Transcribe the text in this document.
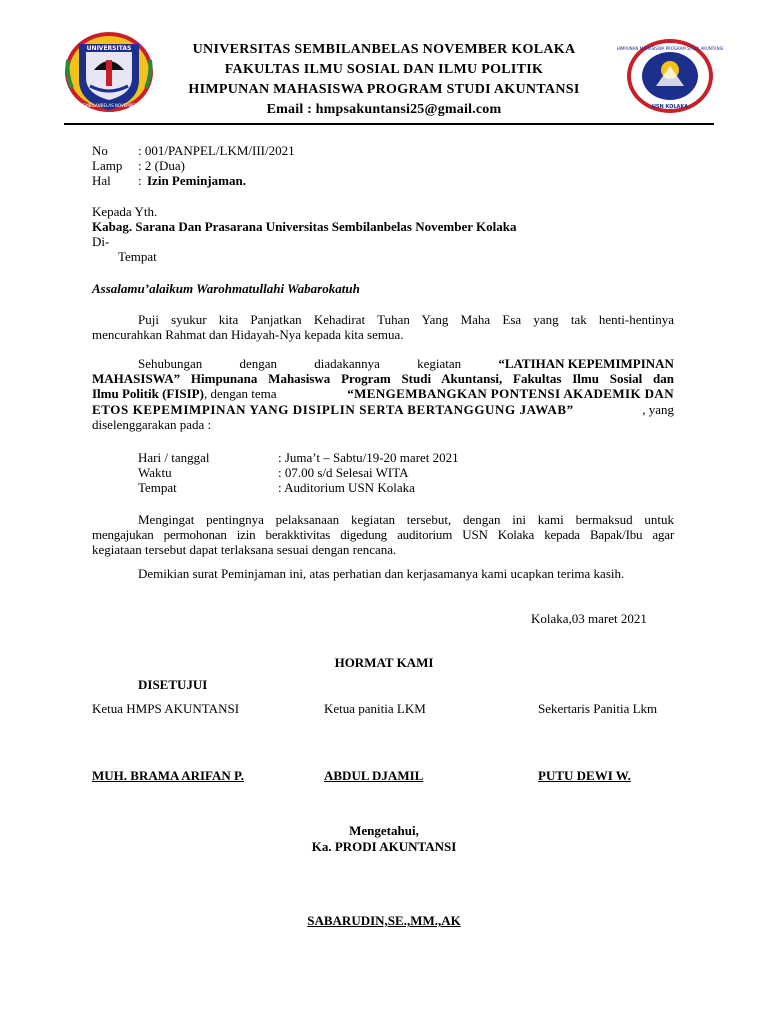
UNIVERSITAS
SEMBILANBELAS NOVEMBER
HIMPUNAN MAHASISWA PROGRAM STUDI AKUNTANSI
USN KOLAKA
UNIVERSITAS SEMBILANBELAS NOVEMBER KOLAKA
FAKULTAS ILMU SOSIAL DAN ILMU POLITIK
HIMPUNAN MAHASISWA PROGRAM STUDI AKUNTANSI
Email : hmpsakuntansi25@gmail.com
No : 001/PANPEL/LKM/III/2021
Lamp : 2 (Dua)
Hal : Izin Peminjaman.
Kepada Yth.
Kabag. Sarana Dan Prasarana Universitas Sembilanbelas November Kolaka
Di-
Tempat
Assalamu’alaikum Warohmatullahi Wabarokatuh
Puji syukur kita Panjatkan Kehadirat Tuhan Yang Maha Esa yang tak henti-hentinya
mencurahkan Rahmat dan Hidayah-Nya kepada kita semua.
Sehubungan	dengan	diadakannya	kegiatan	“LATIHAN KEPEMIMPINAN
MAHASISWA” Himpunana Mahasiswa Program Studi Akuntansi, Fakultas Ilmu Sosial dan
Ilmu Politik (FISIP), dengan tema	“MENGEMBANGKAN PONTENSI AKADEMIK DAN
ETOS KEPEMIMPINAN YANG DISIPLIN SERTA BERTANGGUNG JAWAB”	, yang
diselenggarakan pada :
Hari / tanggal	: Juma’t – Sabtu/19-20 maret 2021
Waktu	: 07.00 s/d Selesai WITA
Tempat	: Auditorium USN Kolaka
Mengingat pentingnya pelaksanaan kegiatan tersebut, dengan ini kami bermaksud untuk
mengajukan permohonan izin berakktivitas digedung auditorium USN Kolaka kepada Bapak/Ibu agar
kegiataan tersebut dapat terlaksana sesuai dengan rencana.
Demikian surat Peminjaman ini, atas perhatian dan kerjasamanya kami ucapkan terima kasih.
Kolaka,03 maret 2021
HORMAT KAMI
DISETUJUI
Ketua HMPS AKUNTANSI	Ketua panitia LKM	Sekertaris Panitia Lkm
MUH. BRAMA ARIFAN P.	ABDUL DJAMIL	PUTU DEWI W.
Mengetahui,
Ka. PRODI AKUNTANSI
SABARUDIN,SE.,MM.,AK
